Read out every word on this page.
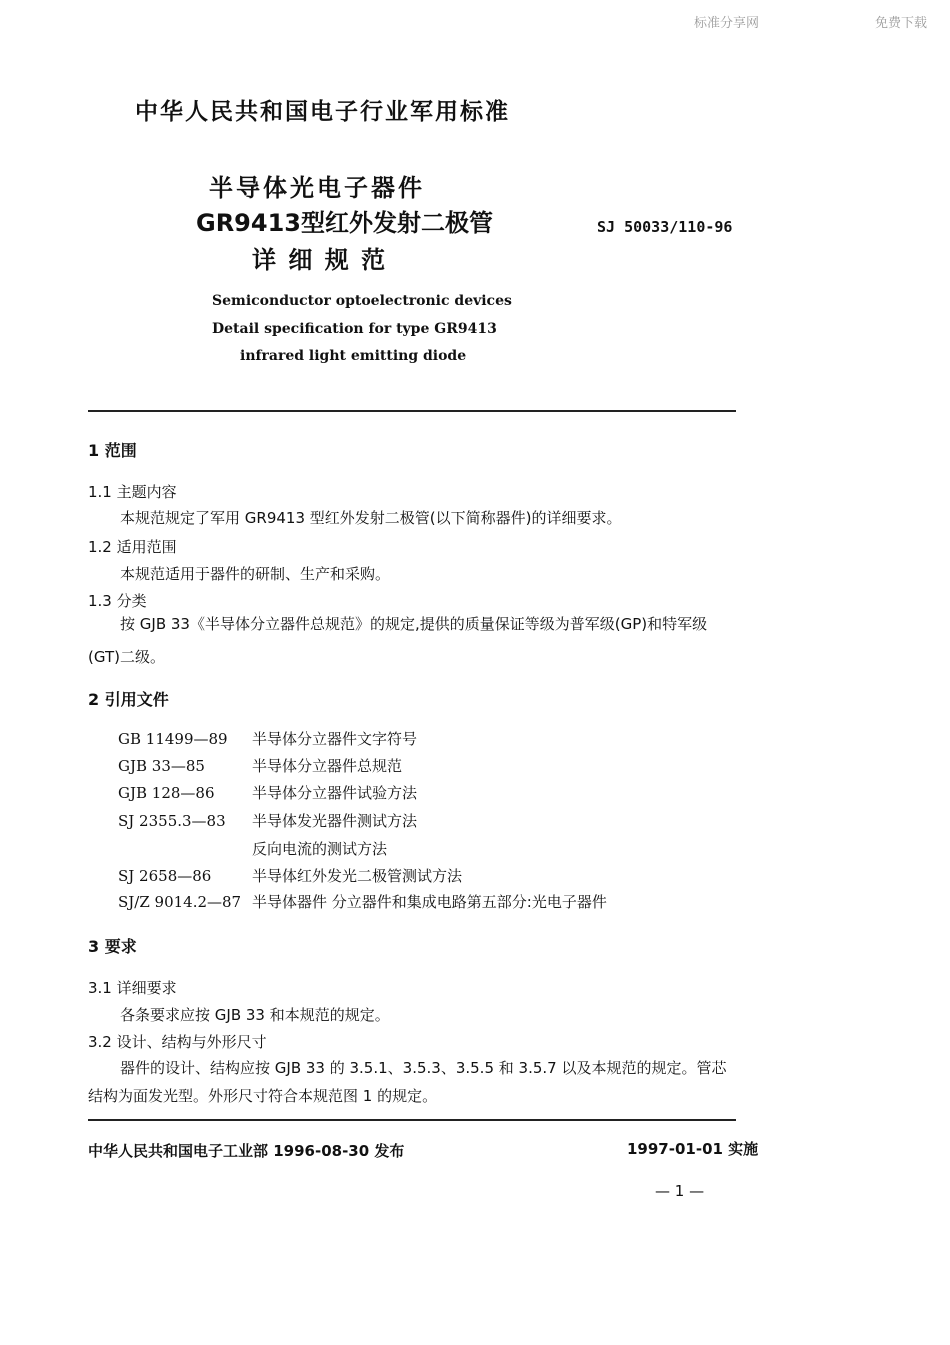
标准分享网	免费下载
中华人民共和国电子行业军用标准
半导体光电子器件
GR9413型红外发射二极管
详 细 规 范
SJ 50033/110-96
Semiconductor optoelectronic devices
Detail specification for type GR9413
infrared light emitting diode
1 范围
1.1 主题内容
本规范规定了军用 GR9413 型红外发射二极管(以下简称器件)的详细要求。
1.2 适用范围
本规范适用于器件的研制、生产和采购。
1.3 分类
按 GJB 33《半导体分立器件总规范》的规定,提供的质量保证等级为普军级(GP)和特军级
(GT)二级。
2 引用文件
GB 11499—89 半导体分立器件文字符号
GJB 33—85	半导体分立器件总规范
GJB 128—86 半导体分立器件试验方法
SJ 2355.3—83 半导体发光器件测试方法
反向电流的测试方法
SJ 2658—86	半导体红外发光二极管测试方法
SJ/Z 9014.2—87 半导体器件 分立器件和集成电路第五部分:光电子器件
3 要求
3.1 详细要求
各条要求应按 GJB 33 和本规范的规定。
3.2 设计、结构与外形尺寸
器件的设计、结构应按 GJB 33 的 3.5.1、3.5.3、3.5.5 和 3.5.7 以及本规范的规定。管芯
结构为面发光型。外形尺寸符合本规范图 1 的规定。
中华人民共和国电子工业部 1996-08-30 发布	1997-01-01 实施
— 1 —
